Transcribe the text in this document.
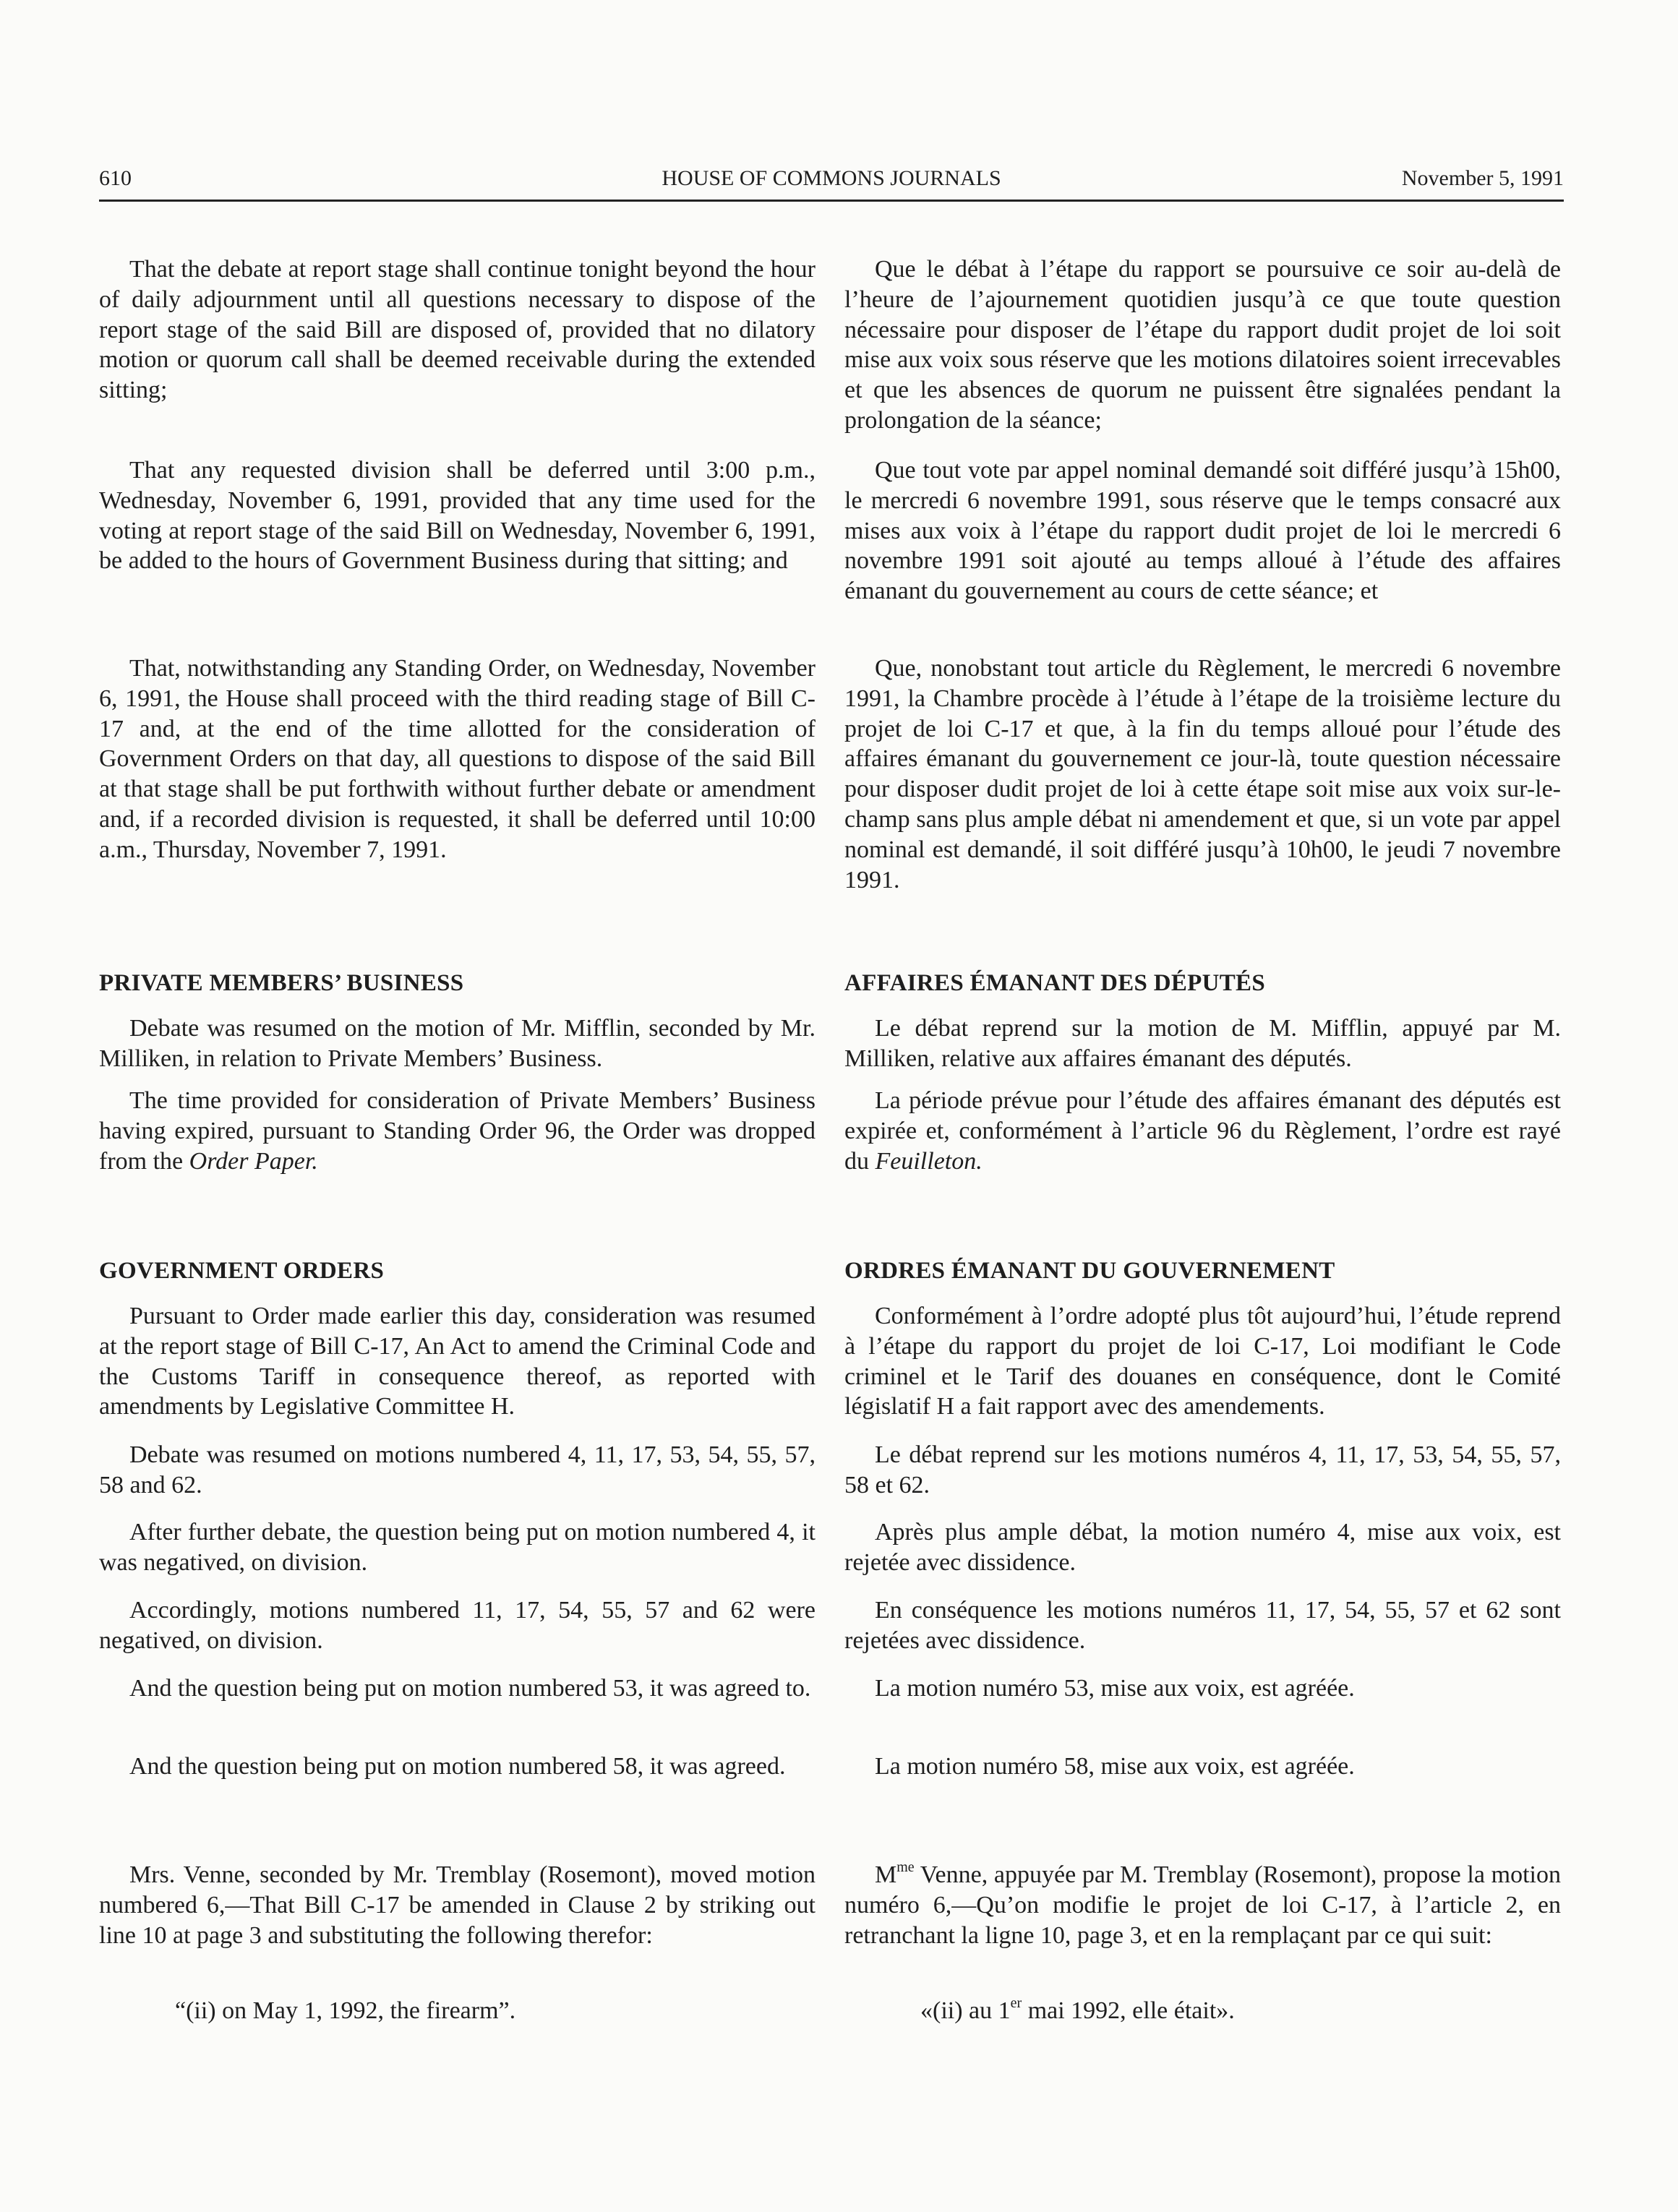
610	HOUSE OF COMMONS JOURNALS	November 5, 1991

That the debate at report stage shall continue tonight beyond the hour of daily adjournment until all questions necessary to dispose of the report stage of the said Bill are disposed of, provided that no dilatory motion or quorum call shall be deemed receivable during the extended sitting;

That any requested division shall be deferred until 3:00 p.m., Wednesday, November 6, 1991, provided that any time used for the voting at report stage of the said Bill on Wednesday, November 6, 1991, be added to the hours of Government Business during that sitting; and

That, notwithstanding any Standing Order, on Wednesday, November 6, 1991, the House shall proceed with the third reading stage of Bill C-17 and, at the end of the time allotted for the consideration of Government Orders on that day, all questions to dispose of the said Bill at that stage shall be put forthwith without further debate or amendment and, if a recorded division is requested, it shall be deferred until 10:00 a.m., Thursday, November 7, 1991.

PRIVATE MEMBERS’ BUSINESS

Debate was resumed on the motion of Mr. Mifflin, seconded by Mr. Milliken, in relation to Private Members’ Business.

The time provided for consideration of Private Members’ Business having expired, pursuant to Standing Order 96, the Order was dropped from the Order Paper.

GOVERNMENT ORDERS

Pursuant to Order made earlier this day, consideration was resumed at the report stage of Bill C-17, An Act to amend the Criminal Code and the Customs Tariff in consequence thereof, as reported with amendments by Legislative Committee H.

Debate was resumed on motions numbered 4, 11, 17, 53, 54, 55, 57, 58 and 62.

After further debate, the question being put on motion numbered 4, it was negatived, on division.

Accordingly, motions numbered 11, 17, 54, 55, 57 and 62 were negatived, on division.

And the question being put on motion numbered 53, it was agreed to.

And the question being put on motion numbered 58, it was agreed.

Mrs. Venne, seconded by Mr. Tremblay (Rosemont), moved motion numbered 6,—That Bill C-17 be amended in Clause 2 by striking out line 10 at page 3 and substituting the following therefor:

“(ii) on May 1, 1992, the firearm”.

Que le débat à l’étape du rapport se poursuive ce soir au-delà de l’heure de l’ajournement quotidien jusqu’à ce que toute question nécessaire pour disposer de l’étape du rapport dudit projet de loi soit mise aux voix sous réserve que les motions dilatoires soient irrecevables et que les absences de quorum ne puissent être signalées pendant la prolongation de la séance;

Que tout vote par appel nominal demandé soit différé jusqu’à 15h00, le mercredi 6 novembre 1991, sous réserve que le temps consacré aux mises aux voix à l’étape du rapport dudit projet de loi le mercredi 6 novembre 1991 soit ajouté au temps alloué à l’étude des affaires émanant du gouvernement au cours de cette séance; et

Que, nonobstant tout article du Règlement, le mercredi 6 novembre 1991, la Chambre procède à l’étude à l’étape de la troisième lecture du projet de loi C-17 et que, à la fin du temps alloué pour l’étude des affaires émanant du gouvernement ce jour-là, toute question nécessaire pour disposer dudit projet de loi à cette étape soit mise aux voix sur-le-champ sans plus ample débat ni amendement et que, si un vote par appel nominal est demandé, il soit différé jusqu’à 10h00, le jeudi 7 novembre 1991.

AFFAIRES ÉMANANT DES DÉPUTÉS

Le débat reprend sur la motion de M. Mifflin, appuyé par M. Milliken, relative aux affaires émanant des députés.

La période prévue pour l’étude des affaires émanant des députés est expirée et, conformément à l’article 96 du Règlement, l’ordre est rayé du Feuilleton.

ORDRES ÉMANANT DU GOUVERNEMENT

Conformément à l’ordre adopté plus tôt aujourd’hui, l’étude reprend à l’étape du rapport du projet de loi C-17, Loi modifiant le Code criminel et le Tarif des douanes en conséquence, dont le Comité législatif H a fait rapport avec des amendements.

Le débat reprend sur les motions numéros 4, 11, 17, 53, 54, 55, 57, 58 et 62.

Après plus ample débat, la motion numéro 4, mise aux voix, est rejetée avec dissidence.

En conséquence les motions numéros 11, 17, 54, 55, 57 et 62 sont rejetées avec dissidence.

La motion numéro 53, mise aux voix, est agréée.

La motion numéro 58, mise aux voix, est agréée.

$M^{me}$ Venne, appuyée par M. Tremblay (Rosemont), propose la motion numéro 6,—Qu’on modifie le projet de loi C-17, à l’article 2, en retranchant la ligne 10, page 3, et en la remplaçant par ce qui suit:

«(ii) au 1er mai 1992, elle était».
